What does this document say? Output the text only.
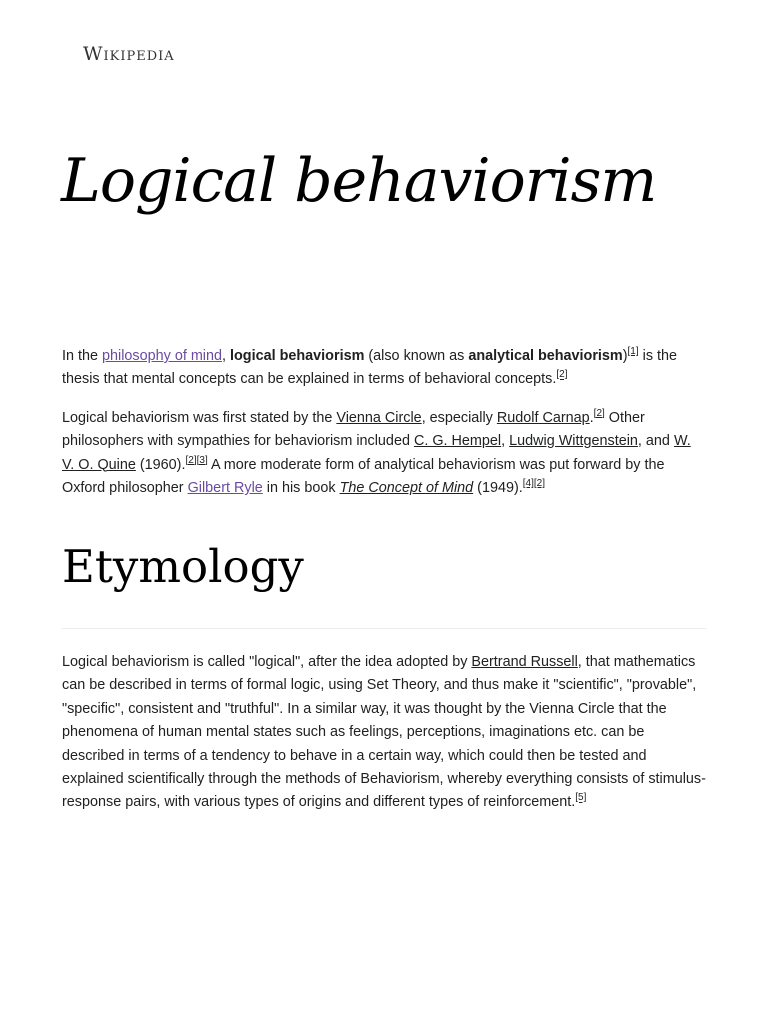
Wikipedia
Logical behaviorism

In the philosophy of mind, logical behaviorism (also known as analytical behaviorism)[1] is the thesis that mental concepts can be explained in terms of behavioral concepts.[2]

Logical behaviorism was first stated by the Vienna Circle, especially Rudolf Carnap.[2] Other philosophers with sympathies for behaviorism included C. G. Hempel, Ludwig Wittgenstein, and W. V. O. Quine (1960).[2][3] A more moderate form of analytical behaviorism was put forward by the Oxford philosopher Gilbert Ryle in his book The Concept of Mind (1949).[4][2]

Etymology

Logical behaviorism is called "logical", after the idea adopted by Bertrand Russell, that mathematics can be described in terms of formal logic, using Set Theory, and thus make it "scientific", "provable", "specific", consistent and "truthful". In a similar way, it was thought by the Vienna Circle that the phenomena of human mental states such as feelings, perceptions, imaginations etc. can be described in terms of a tendency to behave in a certain way, which could then be tested and explained scientifically through the methods of Behaviorism, whereby everything consists of stimulus-response pairs, with various types of origins and different types of reinforcement.[5]
